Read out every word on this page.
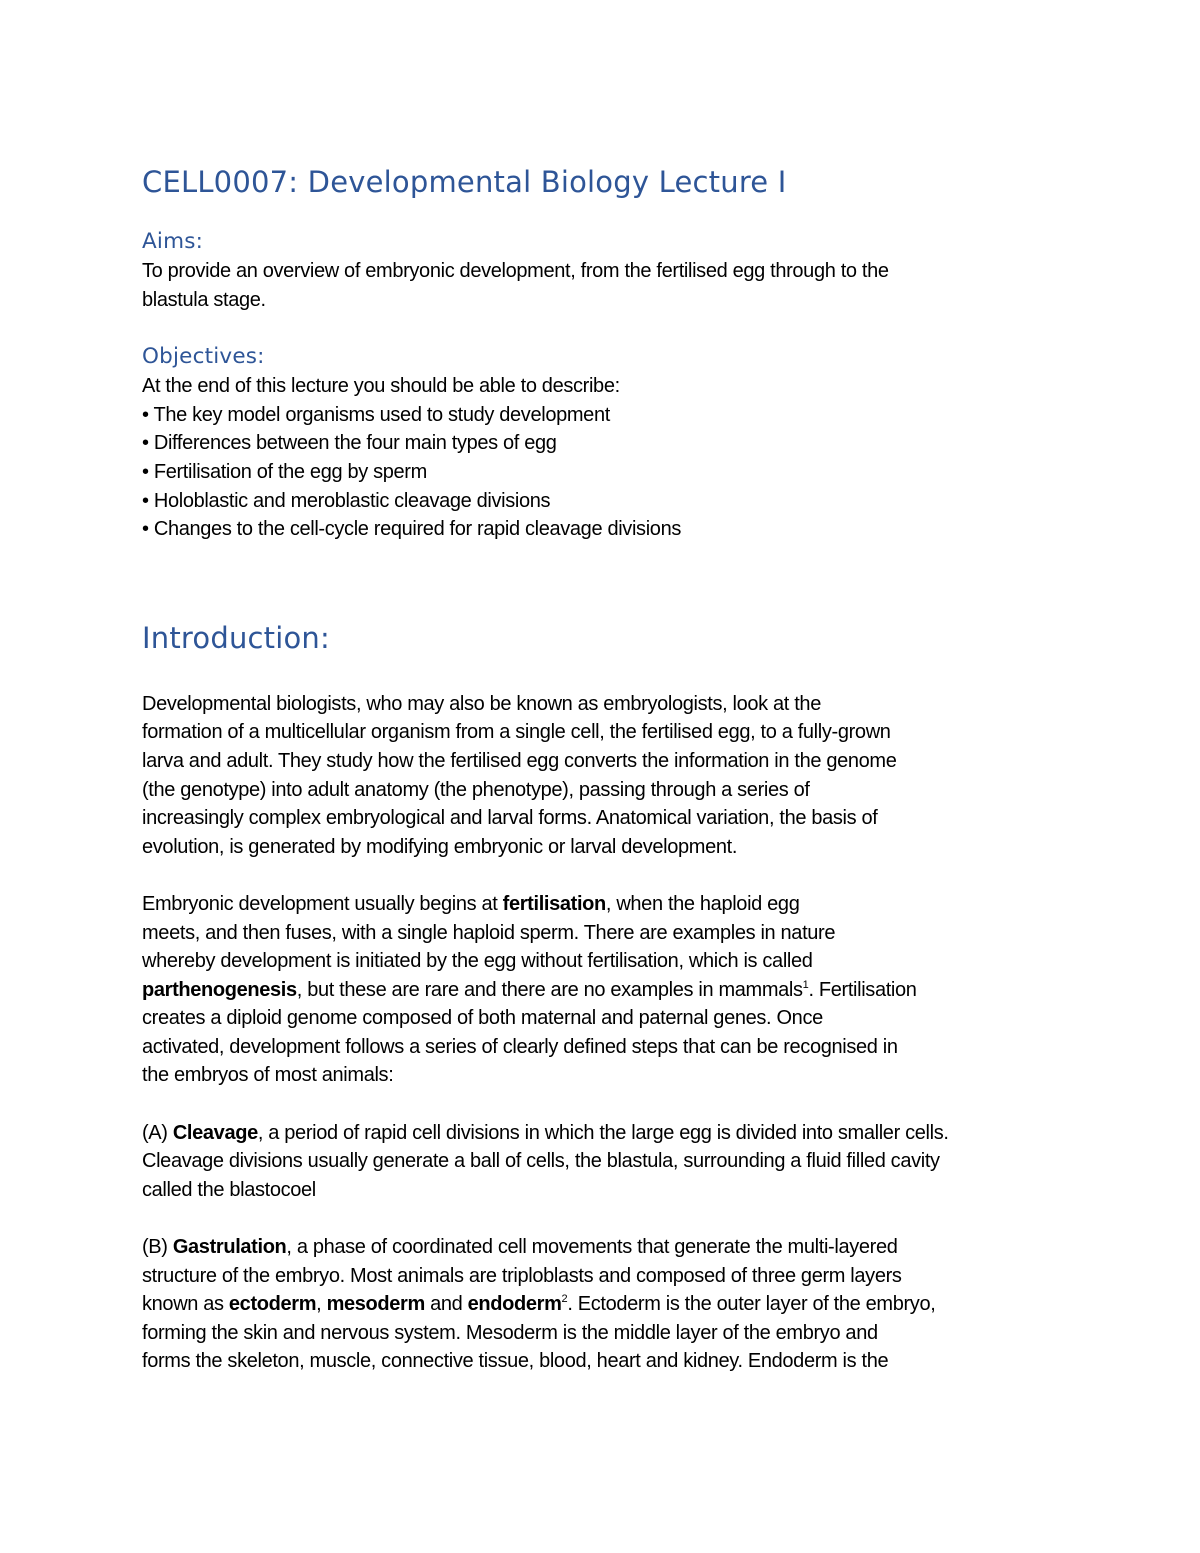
CELL0007: Developmental Biology Lecture I
Aims:
To provide an overview of embryonic development, from the fertilised egg through to the
blastula stage.
Objectives:
At the end of this lecture you should be able to describe:
• The key model organisms used to study development
• Differences between the four main types of egg
• Fertilisation of the egg by sperm
• Holoblastic and meroblastic cleavage divisions
• Changes to the cell-cycle required for rapid cleavage divisions
Introduction:
Developmental biologists, who may also be known as embryologists, look at the
formation of a multicellular organism from a single cell, the fertilised egg, to a fully-grown
larva and adult. They study how the fertilised egg converts the information in the genome
(the genotype) into adult anatomy (the phenotype), passing through a series of
increasingly complex embryological and larval forms. Anatomical variation, the basis of
evolution, is generated by modifying embryonic or larval development.
Embryonic development usually begins at fertilisation, when the haploid egg
meets, and then fuses, with a single haploid sperm. There are examples in nature
whereby development is initiated by the egg without fertilisation, which is called
parthenogenesis, but these are rare and there are no examples in mammals$^1$. Fertilisation
creates a diploid genome composed of both maternal and paternal genes. Once
activated, development follows a series of clearly defined steps that can be recognised in
the embryos of most animals:
(A) Cleavage, a period of rapid cell divisions in which the large egg is divided into smaller cells.
Cleavage divisions usually generate a ball of cells, the blastula, surrounding a fluid filled cavity
called the blastocoel
(B) Gastrulation, a phase of coordinated cell movements that generate the multi-layered
structure of the embryo. Most animals are triploblasts and composed of three germ layers
known as ectoderm, mesoderm and endoderm$^2$. Ectoderm is the outer layer of the embryo,
forming the skin and nervous system. Mesoderm is the middle layer of the embryo and
forms the skeleton, muscle, connective tissue, blood, heart and kidney. Endoderm is the
